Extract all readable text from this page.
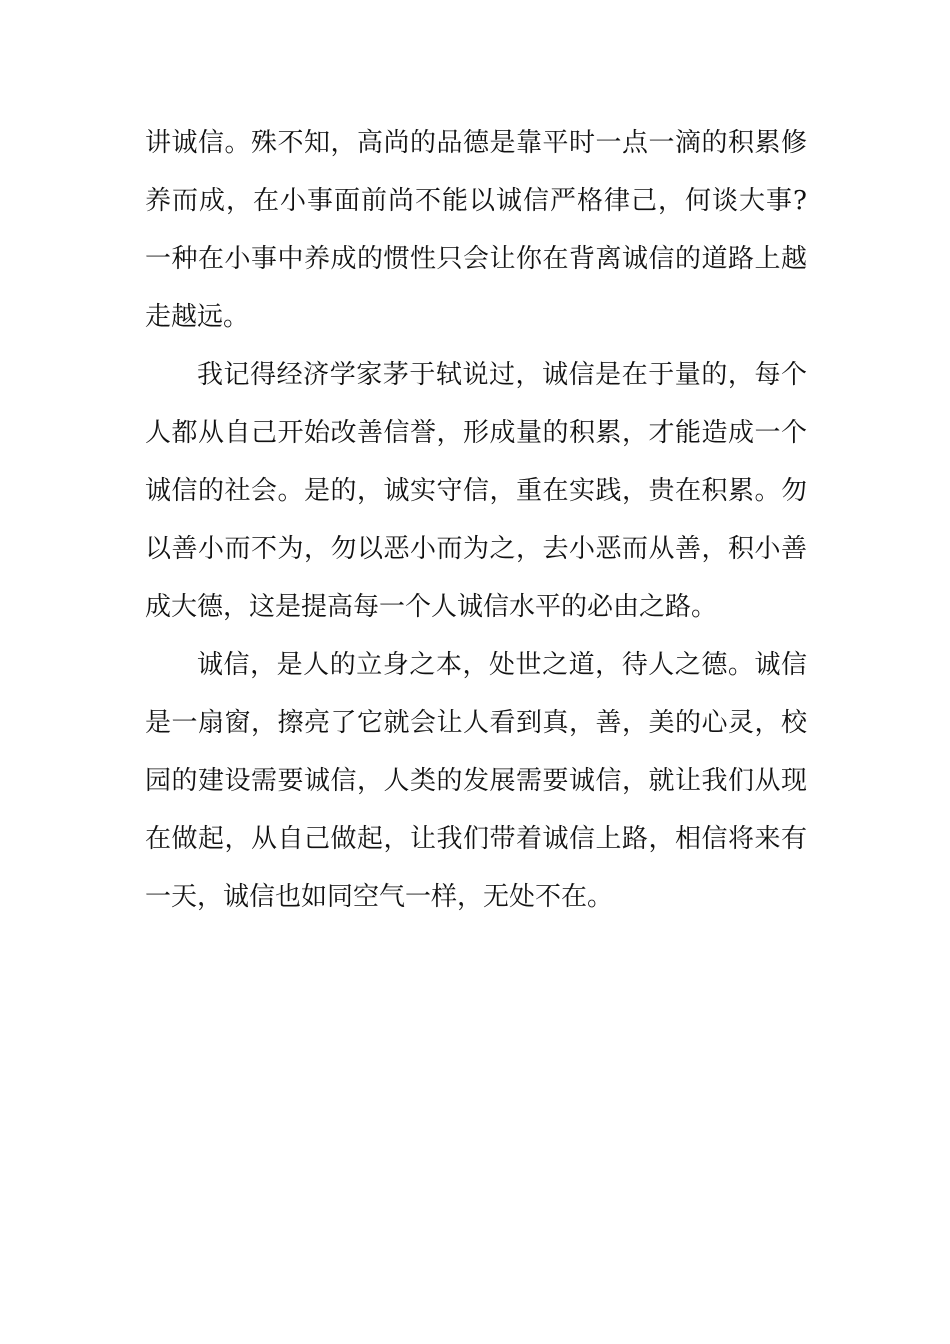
讲诚信。殊不知，高尚的品德是靠平时一点一滴的积累修养而成，在小事面前尚不能以诚信严格律己，何谈大事?一种在小事中养成的惯性只会让你在背离诚信的道路上越走越远。

我记得经济学家茅于轼说过，诚信是在于量的，每个人都从自己开始改善信誉，形成量的积累，才能造成一个诚信的社会。是的，诚实守信，重在实践，贵在积累。勿以善小而不为，勿以恶小而为之，去小恶而从善，积小善成大德，这是提高每一个人诚信水平的必由之路。

诚信，是人的立身之本，处世之道，待人之德。诚信是一扇窗，擦亮了它就会让人看到真，善，美的心灵，校园的建设需要诚信，人类的发展需要诚信，就让我们从现在做起，从自己做起，让我们带着诚信上路，相信将来有一天，诚信也如同空气一样，无处不在。
